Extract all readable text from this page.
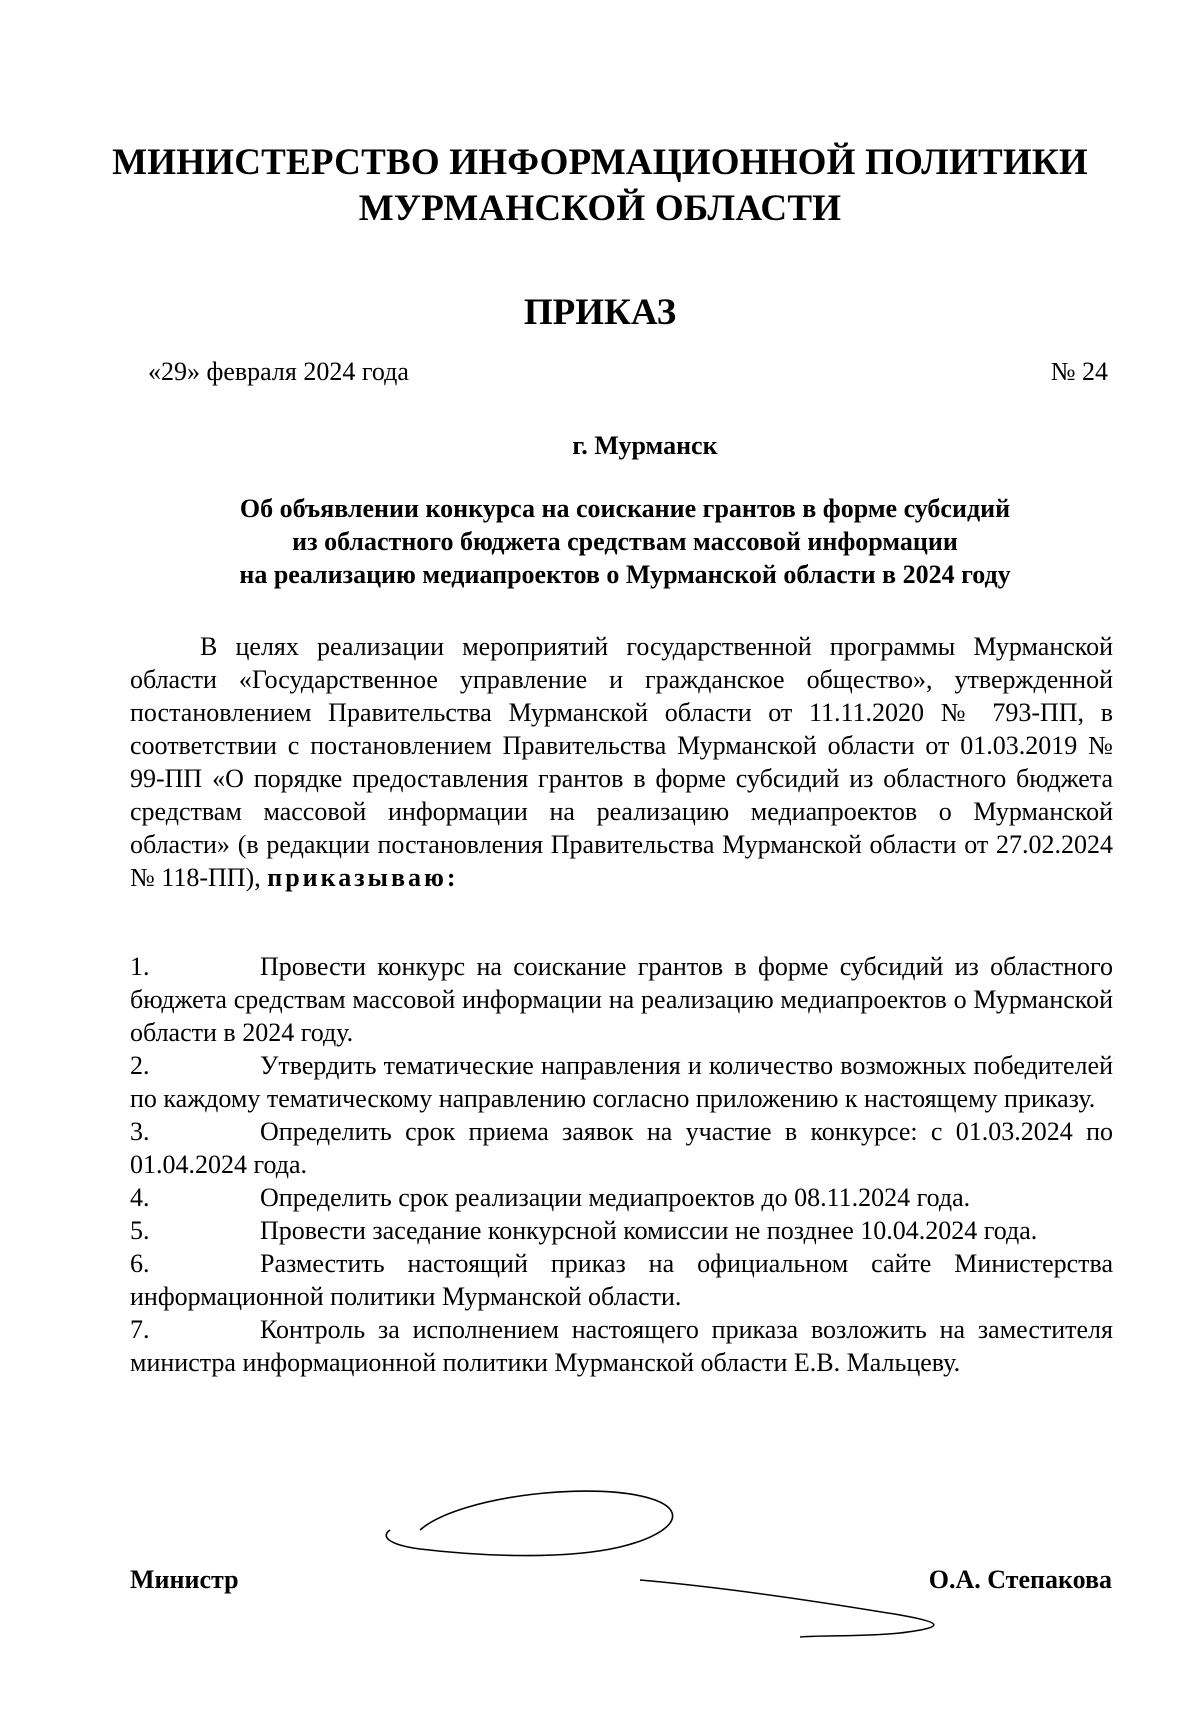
МИНИСТЕРСТВО ИНФОРМАЦИОННОЙ ПОЛИТИКИ
МУРМАНСКОЙ ОБЛАСТИ
ПРИКАЗ
«29» февраля 2024 года	№ 24
г. Мурманск
Об объявлении конкурса на соискание грантов в форме субсидий
из областного бюджета средствам массовой информации
на реализацию медиапроектов о Мурманской области в 2024 году
В целях реализации мероприятий государственной программы Мурманской области «Государственное управление и гражданское общество», утвержденной постановлением Правительства Мурманской области от 11.11.2020 № 793-ПП, в соответствии с постановлением Правительства Мурманской области от 01.03.2019 № 99-ПП «О порядке предоставления грантов в форме субсидий из областного бюджета средствам массовой информации на реализацию медиапроектов о Мурманской области» (в редакции постановления Правительства Мурманской области от 27.02.2024 № 118-ПП), приказываю:

1.	Провести конкурс на соискание грантов в форме субсидий из областного бюджета средствам массовой информации на реализацию медиапроектов о Мурманской области в 2024 году.

2.	Утвердить тематические направления и количество возможных победителей по каждому тематическому направлению согласно приложению к настоящему приказу.

3.	Определить срок приема заявок на участие в конкурсе: с 01.03.2024 по 01.04.2024 года.

4.	Определить срок реализации медиапроектов до 08.11.2024 года.

5.	Провести заседание конкурсной комиссии не позднее 10.04.2024 года.

6.	Разместить настоящий приказ на официальном сайте Министерства информационной политики Мурманской области.

7.	Контроль за исполнением настоящего приказа возложить на заместителя министра информационной политики Мурманской области Е.В. Мальцеву.

Министр	О.А. Степакова
